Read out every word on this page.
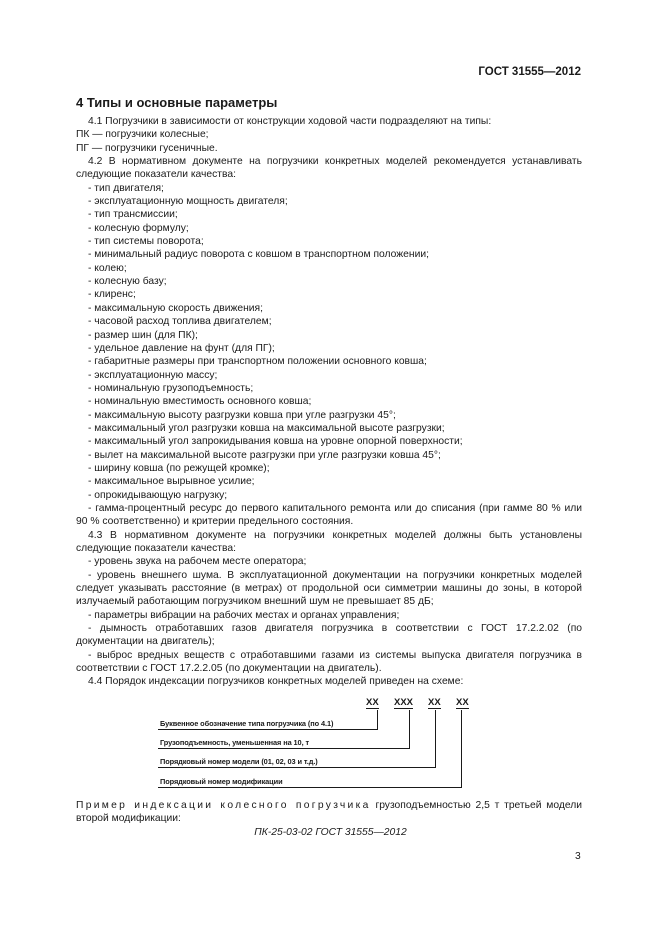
ГОСТ 31555—2012
4 Типы и основные параметры

4.1 Погрузчики в зависимости от конструкции ходовой части подразделяют на типы:

ПК — погрузчики колесные;

ПГ — погрузчики гусеничные.

4.2 В нормативном документе на погрузчики конкретных моделей рекомендуется устанавливать следующие показатели качества:

- тип двигателя;

- эксплуатационную мощность двигателя;

- тип трансмиссии;

- колесную формулу;

- тип системы поворота;

- минимальный радиус поворота с ковшом в транспортном положении;

- колею;

- колесную базу;

- клиренс;

- максимальную скорость движения;

- часовой расход топлива двигателем;

- размер шин (для ПК);

- удельное давление на фунт (для ПГ);

- габаритные размеры при транспортном положении основного ковша;

- эксплуатационную массу;

- номинальную грузоподъемность;

- номинальную вместимость основного ковша;

- максимальную высоту разгрузки ковша при угле разгрузки 45°;

- максимальный угол разгрузки ковша на максимальной высоте разгрузки;

- максимальный угол запрокидывания ковша на уровне опорной поверхности;

- вылет на максимальной высоте разгрузки при угле разгрузки ковша 45°;

- ширину ковша (по режущей кромке);

- максимальное вырывное усилие;

- опрокидывающую нагрузку;

- гамма-процентный ресурс до первого капитального ремонта или до списания (при гамме 80 % или 90 % соответственно) и критерии предельного состояния.

4.3 В нормативном документе на погрузчики конкретных моделей должны быть установлены следующие показатели качества:

- уровень звука на рабочем месте оператора;

- уровень внешнего шума. В эксплуатационной документации на погрузчики конкретных моделей следует указывать расстояние (в метрах) от продольной оси симметрии машины до зоны, в которой излучаемый работающим погрузчиком внешний шум не превышает 85 дБ;

- параметры вибрации на рабочих местах и органах управления;

- дымность отработавших газов двигателя погрузчика в соответствии с ГОСТ 17.2.2.02 (по документации на двигатель);

- выброс вредных веществ с отработавшими газами из системы выпуска двигателя погрузчика в соответствии с ГОСТ 17.2.2.05 (по документации на двигатель).

4.4 Порядок индексации погрузчиков конкретных моделей приведен на схеме:

XX XXX XX XX
Буквенное обозначение типа погрузчика (по 4.1)
Грузоподъемность, уменьшенная на 10, т
Порядковый номер модели (01, 02, 03 и т.д.)
Порядковый номер модификации

Пример индексации колесного погрузчика грузоподъемностью 2,5 т третьей модели второй модификации:

ПК-25-03-02 ГОСТ 31555—2012
3
